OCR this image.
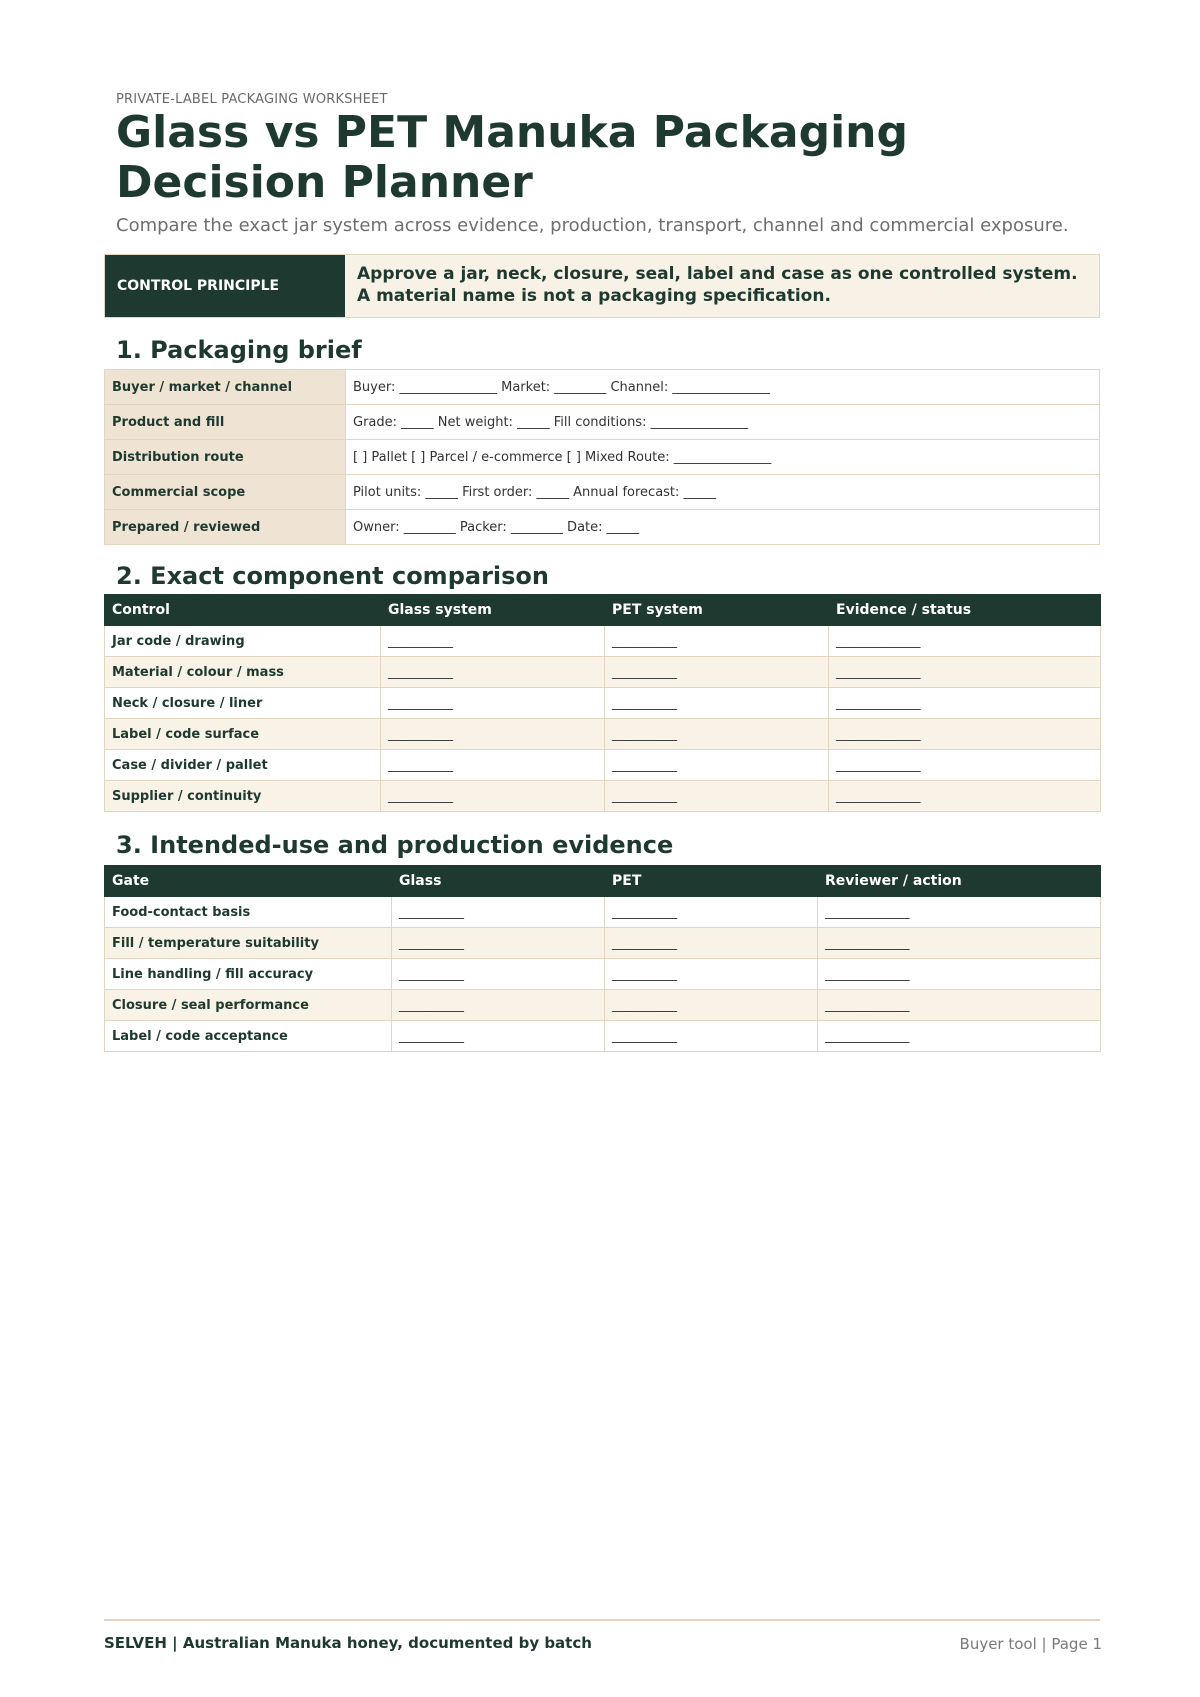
PRIVATE-LABEL PACKAGING WORKSHEET
Glass vs PET Manuka Packaging Decision Planner
Compare the exact jar system across evidence, production, transport, channel and commercial exposure.
CONTROL PRINCIPLE
Approve a jar, neck, closure, seal, label and case as one controlled system. A material name is not a packaging specification.
1. Packaging brief
Buyer / market / channel	Buyer: _______________ Market: ________ Channel: _______________
Product and fill	Grade: _____ Net weight: _____ Fill conditions: _______________
Distribution route	[ ] Pallet [ ] Parcel / e-commerce [ ] Mixed Route: _______________
Commercial scope	Pilot units: _____ First order: _____ Annual forecast: _____
Prepared / reviewed	Owner: ________ Packer: ________ Date: _____
2. Exact component comparison
Control	Glass system	PET system	Evidence / status
Jar code / drawing	__________	__________	_____________
Material / colour / mass	__________	__________	_____________
Neck / closure / liner	__________	__________	_____________
Label / code surface	__________	__________	_____________
Case / divider / pallet	__________	__________	_____________
Supplier / continuity	__________	__________	_____________
3. Intended-use and production evidence
Gate	Glass	PET	Reviewer / action
Food-contact basis	__________	__________	_____________
Fill / temperature suitability	__________	__________	_____________
Line handling / fill accuracy	__________	__________	_____________
Closure / seal performance	__________	__________	_____________
Label / code acceptance	__________	__________	_____________
SELVEH | Australian Manuka honey, documented by batch	Buyer tool | Page 1
